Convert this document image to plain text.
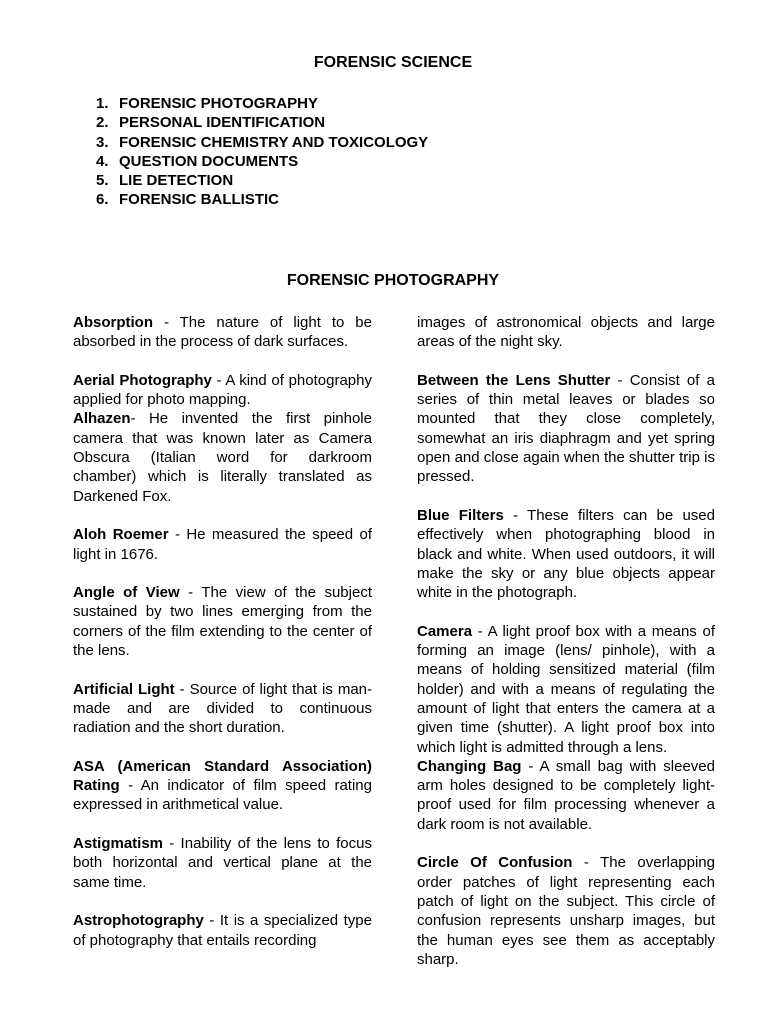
FORENSIC SCIENCE
1. FORENSIC PHOTOGRAPHY
2. PERSONAL IDENTIFICATION
3. FORENSIC CHEMISTRY AND TOXICOLOGY
4. QUESTION DOCUMENTS
5. LIE DETECTION
6. FORENSIC BALLISTIC
FORENSIC PHOTOGRAPHY

Absorption - The nature of light to be absorbed in the process of dark surfaces.

Aerial Photography - A kind of photography applied for photo mapping.

Alhazen- He invented the first pinhole camera that was known later as Camera Obscura (Italian word for darkroom chamber) which is literally translated as Darkened Fox.

Aloh Roemer - He measured the speed of light in 1676.

Angle of View - The view of the subject sustained by two lines emerging from the corners of the film extending to the center of the lens.

Artificial Light - Source of light that is man- made and are divided to continuous radiation and the short duration.

ASA (American Standard Association) Rating - An indicator of film speed rating expressed in arithmetical value.

Astigmatism - Inability of the lens to focus both horizontal and vertical plane at the same time.

Astrophotography - It is a specialized type of photography that entails recording

images of astronomical objects and large areas of the night sky.

Between the Lens Shutter - Consist of a series of thin metal leaves or blades so mounted that they close completely, somewhat an iris diaphragm and yet spring open and close again when the shutter trip is pressed.

Blue Filters - These filters can be used effectively when photographing blood in black and white. When used outdoors, it will make the sky or any blue objects appear white in the photograph.

Camera - A light proof box with a means of forming an image (lens/ pinhole), with a means of holding sensitized material (film holder) and with a means of regulating the amount of light that enters the camera at a given time (shutter). A light proof box into which light is admitted through a lens.

Changing Bag - A small bag with sleeved arm holes designed to be completely light-proof used for film processing whenever a dark room is not available.

Circle Of Confusion - The overlapping order patches of light representing each patch of light on the subject. This circle of confusion represents unsharp images, but the human eyes see them as acceptably sharp.
